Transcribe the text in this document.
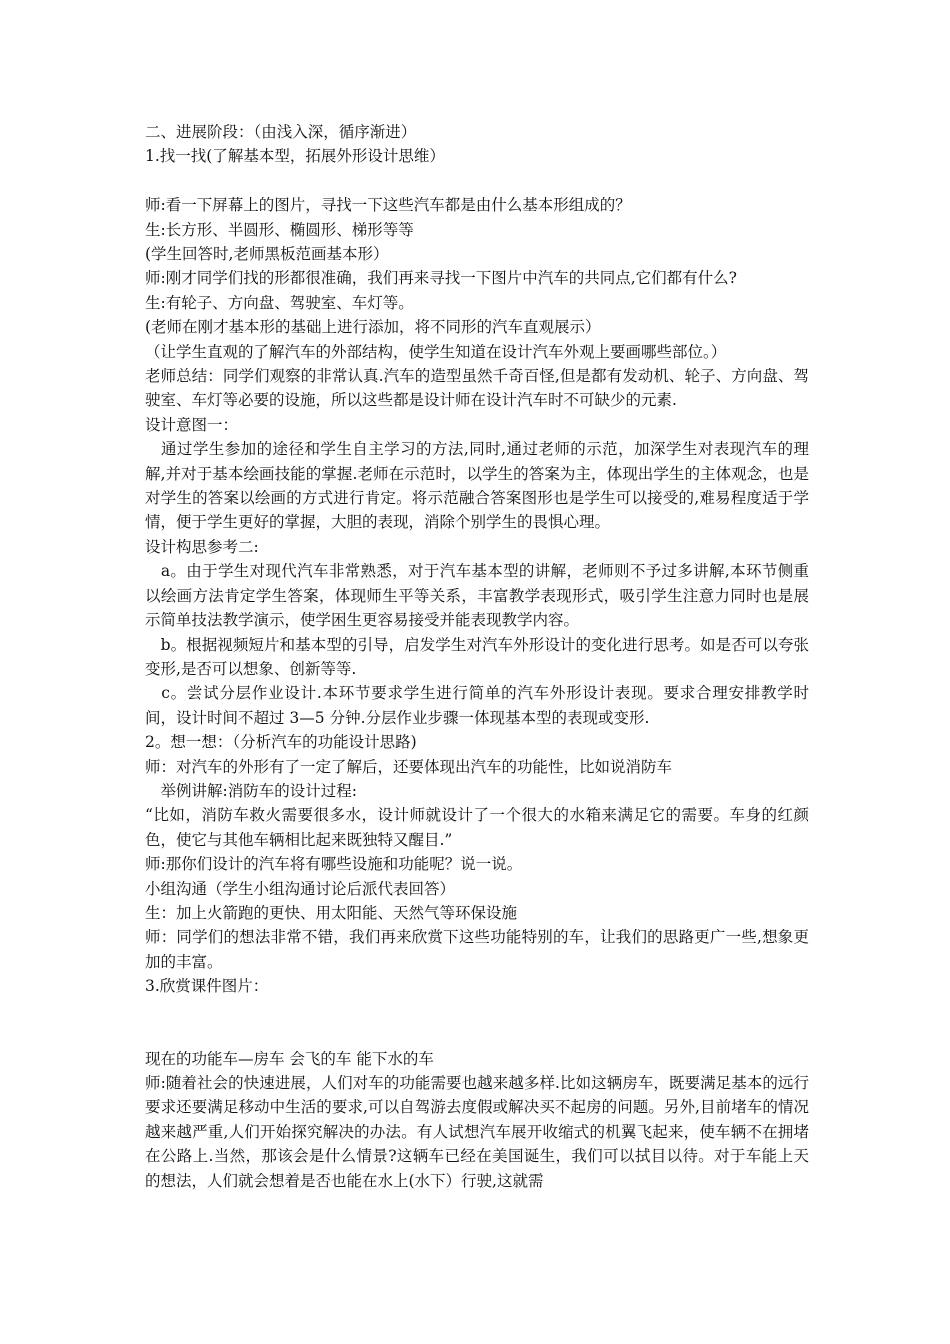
二、进展阶段：（由浅入深，循序渐进）

1.找一找(了解基本型，拓展外形设计思维）

师:看一下屏幕上的图片，寻找一下这些汽车都是由什么基本形组成的？

生:长方形、半圆形、椭圆形、梯形等等

(学生回答时,老师黑板范画基本形）

师:刚才同学们找的形都很准确，我们再来寻找一下图片中汽车的共同点,它们都有什么?

生:有轮子、方向盘、驾驶室、车灯等。

(老师在刚才基本形的基础上进行添加，将不同形的汽车直观展示）

（让学生直观的了解汽车的外部结构，使学生知道在设计汽车外观上要画哪些部位。）

老师总结：同学们观察的非常认真.汽车的造型虽然千奇百怪,但是都有发动机、轮子、方向盘、驾驶室、车灯等必要的设施，所以这些都是设计师在设计汽车时不可缺少的元素.

设计意图一：

　通过学生参加的途径和学生自主学习的方法,同时,通过老师的示范，加深学生对表现汽车的理解,并对于基本绘画技能的掌握.老师在示范时，以学生的答案为主，体现出学生的主体观念，也是对学生的答案以绘画的方式进行肯定。将示范融合答案图形也是学生可以接受的,难易程度适于学情，便于学生更好的掌握，大胆的表现，消除个别学生的畏惧心理。

设计构思参考二:

　a。由于学生对现代汽车非常熟悉，对于汽车基本型的讲解，老师则不予过多讲解,本环节侧重以绘画方法肯定学生答案，体现师生平等关系，丰富教学表现形式，吸引学生注意力同时也是展示简单技法教学演示，使学困生更容易接受并能表现教学内容。

　b。根据视频短片和基本型的引导，启发学生对汽车外形设计的变化进行思考。如是否可以夸张变形,是否可以想象、创新等等.

　c。尝试分层作业设计.本环节要求学生进行简单的汽车外形设计表现。要求合理安排教学时间，设计时间不超过 3—5 分钟.分层作业步骤一体现基本型的表现或变形.

2。想一想：（分析汽车的功能设计思路)

师：对汽车的外形有了一定了解后，还要体现出汽车的功能性，比如说消防车

　举例讲解:消防车的设计过程:

“比如，消防车救火需要很多水，设计师就设计了一个很大的水箱来满足它的需要。车身的红颜色，使它与其他车辆相比起来既独特又醒目.”

师:那你们设计的汽车将有哪些设施和功能呢？说一说。

小组沟通（学生小组沟通讨论后派代表回答）

生：加上火箭跑的更快、用太阳能、天然气等环保设施

师：同学们的想法非常不错，我们再来欣赏下这些功能特别的车，让我们的思路更广一些,想象更加的丰富。

3.欣赏课件图片：

现在的功能车—房车 会飞的车 能下水的车

师:随着社会的快速进展，人们对车的功能需要也越来越多样.比如这辆房车，既要满足基本的远行要求还要满足移动中生活的要求,可以自驾游去度假或解决买不起房的问题。另外,目前堵车的情况越来越严重,人们开始探究解决的办法。有人试想汽车展开收缩式的机翼飞起来，使车辆不在拥堵在公路上.当然，那该会是什么情景?这辆车已经在美国诞生，我们可以拭目以待。对于车能上天的想法，人们就会想着是否也能在水上(水下）行驶,这就需
